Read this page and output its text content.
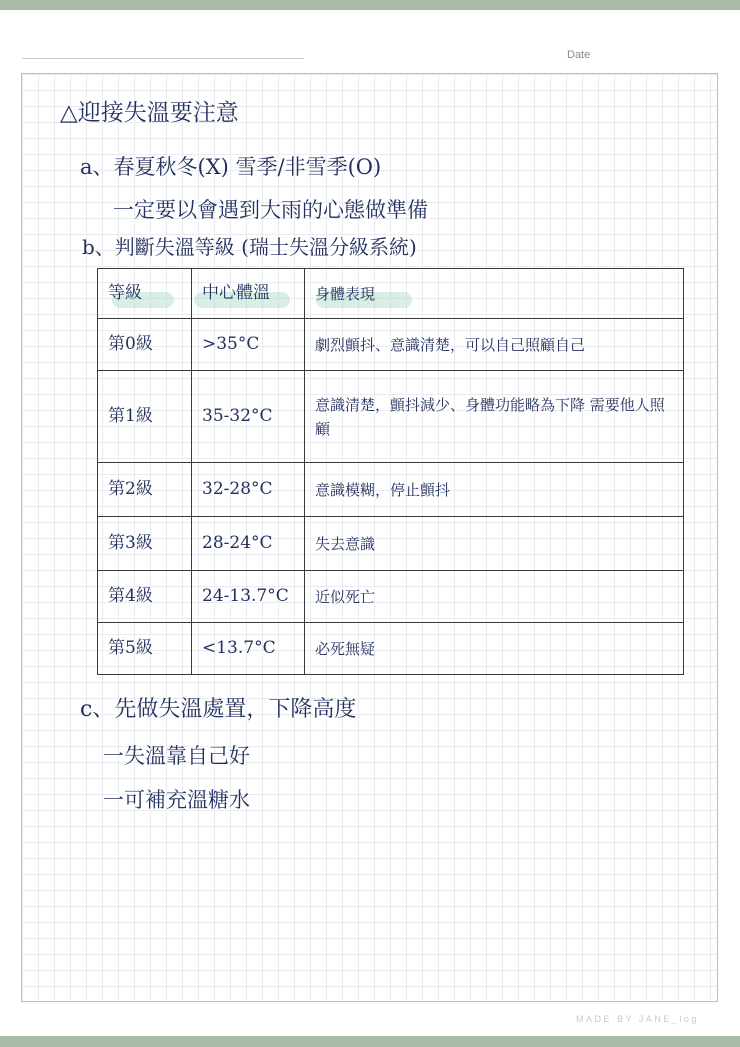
Date
△迎接失溫要注意
a、春夏秋冬(X) 雪季/非雪季(O)
一定要以會遇到大雨的心態做準備
b、判斷失溫等級 (瑞士失溫分級系統)
等級	中心體溫	身體表現
第0級	>35°C	劇烈顫抖、意識清楚，可以自己照顧自己
第1級	35-32°C	意識清楚，顫抖減少、身體功能略為下降 需要他人照顧
第2級	32-28°C	意識模糊，停止顫抖
第3級	28-24°C	失去意識
第4級	24-13.7°C	近似死亡
第5級	<13.7°C	必死無疑
c、先做失溫處置，下降高度
一失溫靠自己好
一可補充溫糖水
MADE BY JANE_log
